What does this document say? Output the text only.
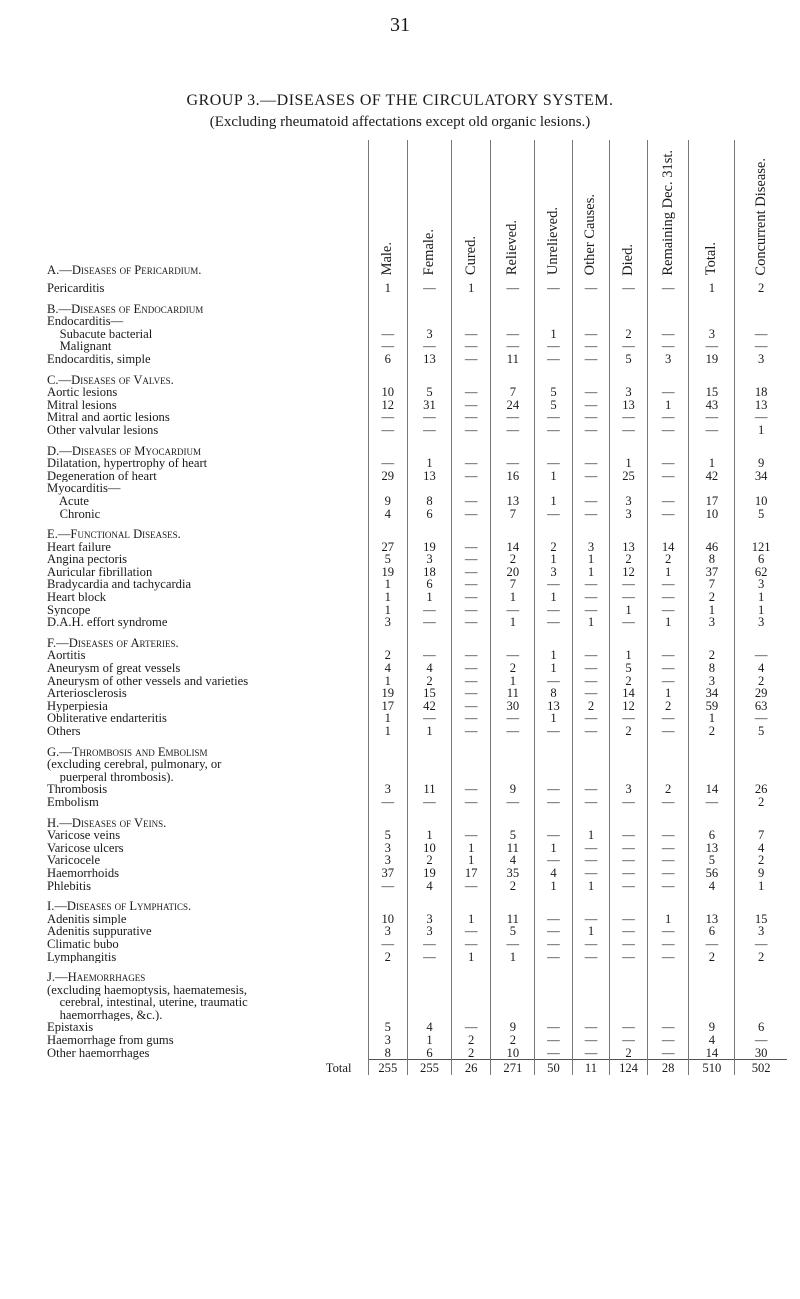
31
GROUP 3.—DISEASES OF THE CIRCULATORY SYSTEM.
(Excluding rheumatoid affectations except old organic lesions.)
A.—Diseases of Pericardium.	Male.	Female.	Cured.	Relieved.	Unrelieved.	Other Causes.	Died.	Remaining Dec. 31st.	Total.	Concurrent Disease.
Pericarditis	1	—	1	—	—	—	—	—	1	2
B.—Diseases of Endocardium										
Endocarditis—										
Subacute bacterial	—	3	—	—	1	—	2	—	3	—
Malignant	—	—	—	—	—	—	—	—	—	—
Endocarditis, simple	6	13	—	11	—	—	5	3	19	3
C.—Diseases of Valves.										
Aortic lesions	10	5	—	7	5	—	3	—	15	18
Mitral lesions	12	31	—	24	5	—	13	1	43	13
Mitral and aortic lesions	—	—	—	—	—	—	—	—	—	—
Other valvular lesions	—	—	—	—	—	—	—	—	—	1
D.—Diseases of Myocardium										
Dilatation, hypertrophy of heart	—	1	—	—	—	—	1	—	1	9
Degeneration of heart	29	13	—	16	1	—	25	—	42	34
Myocarditis—										
Acute	9	8	—	13	1	—	3	—	17	10
Chronic	4	6	—	7	—	—	3	—	10	5
E.—Functional Diseases.										
Heart failure	27	19	—	14	2	3	13	14	46	121
Angina pectoris	5	3	—	2	1	1	2	2	8	6
Auricular fibrillation	19	18	—	20	3	1	12	1	37	62
Bradycardia and tachycardia	1	6	—	7	—	—	—	—	7	3
Heart block	1	1	—	1	1	—	—	—	2	1
Syncope	1	—	—	—	—	—	1	—	1	1
D.A.H. effort syndrome	3	—	—	1	—	1	—	1	3	3
F.—Diseases of Arteries.										
Aortitis	2	—	—	—	1	—	1	—	2	—
Aneurysm of great vessels	4	4	—	2	1	—	5	—	8	4
Aneurysm of other vessels and varieties	1	2	—	1	—	—	2	—	3	2
Arteriosclerosis	19	15	—	11	8	—	14	1	34	29
Hyperpiesia	17	42	—	30	13	2	12	2	59	63
Obliterative endarteritis	1	—	—	—	1	—	—	—	1	—
Others	1	1	—	—	—	—	2	—	2	5
G.—Thrombosis and Embolism										
(excluding cerebral, pulmonary, or										
puerperal thrombosis).										
Thrombosis	3	11	—	9	—	—	3	2	14	26
Embolism	—	—	—	—	—	—	—	—	—	2
H.—Diseases of Veins.										
Varicose veins	5	1	—	5	—	1	—	—	6	7
Varicose ulcers	3	10	1	11	1	—	—	—	13	4
Varicocele	3	2	1	4	—	—	—	—	5	2
Haemorrhoids	37	19	17	35	4	—	—	—	56	9
Phlebitis	—	4	—	2	1	1	—	—	4	1
I.—Diseases of Lymphatics.										
Adenitis simple	10	3	1	11	—	—	—	1	13	15
Adenitis suppurative	3	3	—	5	—	1	—	—	6	3
Climatic bubo	—	—	—	—	—	—	—	—	—	—
Lymphangitis	2	—	1	1	—	—	—	—	2	2
J.—Haemorrhages										
(excluding haemoptysis, haematemesis,										
cerebral, intestinal, uterine, traumatic										
haemorrhages, &c.).										
Epistaxis	5	4	—	9	—	—	—	—	9	6
Haemorrhage from gums	3	1	2	2	—	—	—	—	4	—
Other haemorrhages	8	6	2	10	—	—	2	—	14	30
Total	255	255	26	271	50	11	124	28	510	502
